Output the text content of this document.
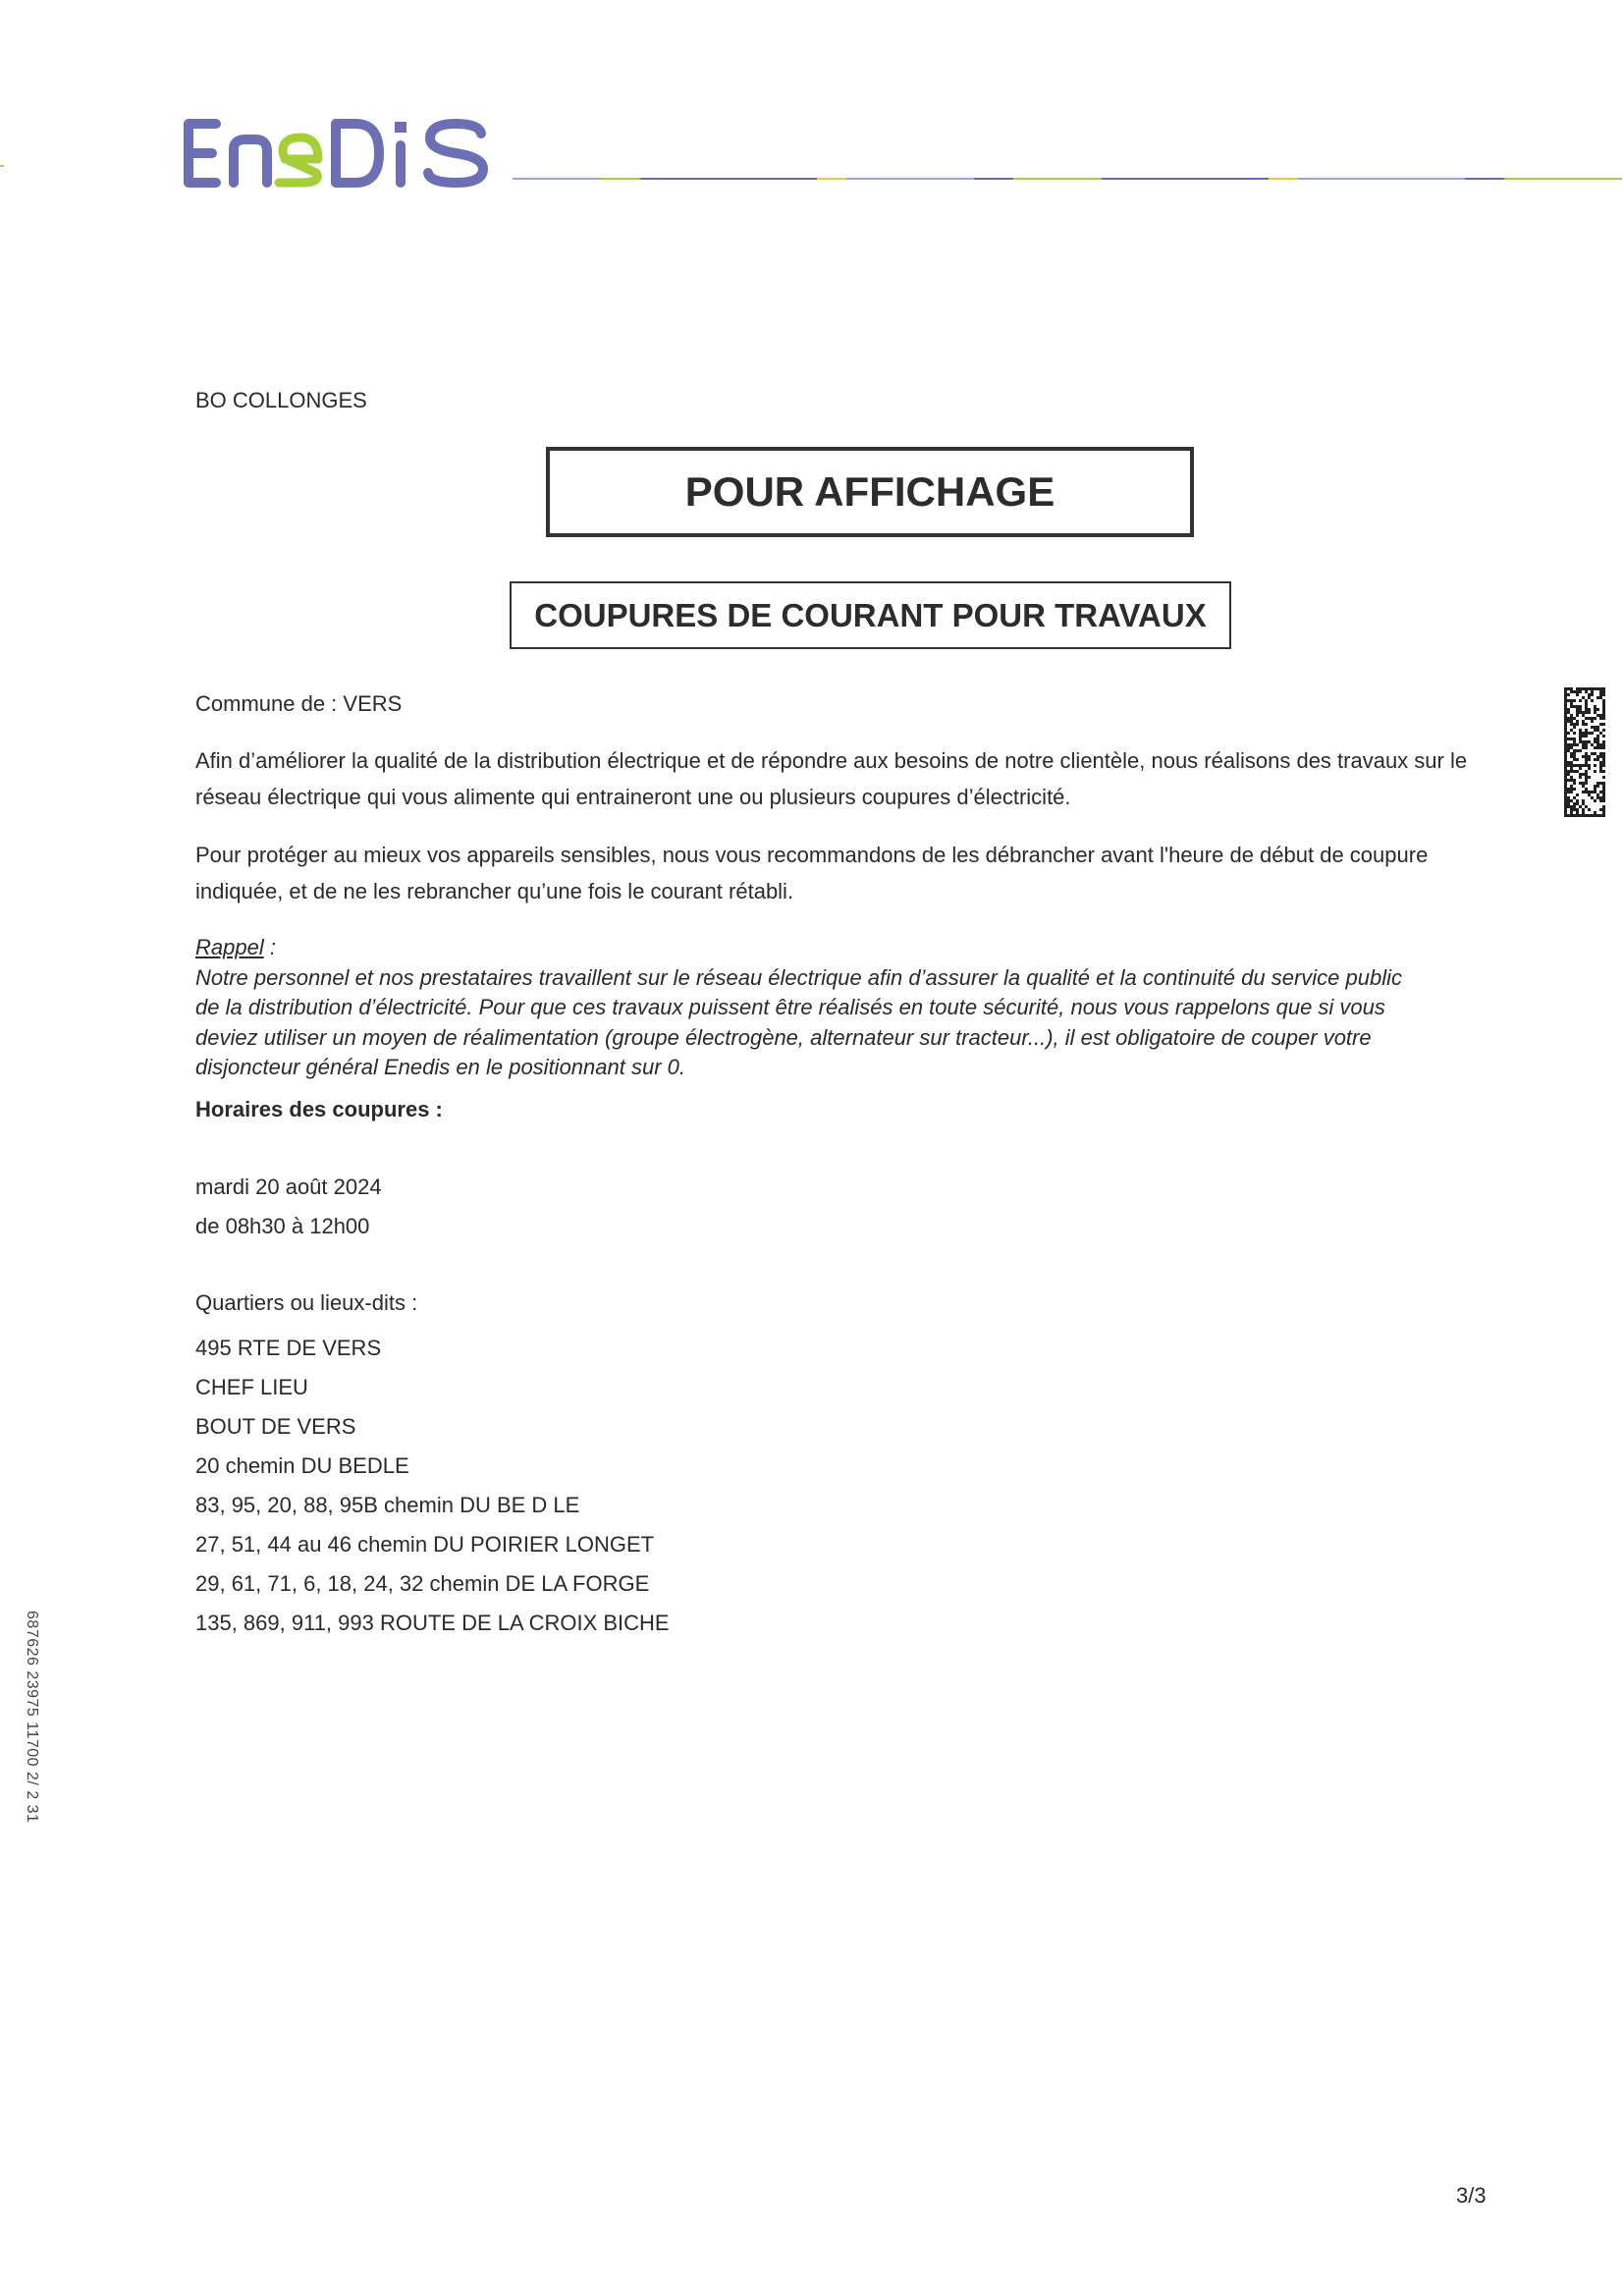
BO COLLONGES
POUR AFFICHAGE
COUPURES DE COURANT POUR TRAVAUX
Commune de : VERS
Afin d’améliorer la qualité de la distribution électrique et de répondre aux besoins de notre clientèle, nous réalisons des travaux sur le réseau électrique qui vous alimente qui entraineront une ou plusieurs coupures d’électricité.
Pour protéger au mieux vos appareils sensibles, nous vous recommandons de les débrancher avant l'heure de début de coupure indiquée, et de ne les rebrancher qu’une fois le courant rétabli.
Rappel :
Notre personnel et nos prestataires travaillent sur le réseau électrique afin d’assurer la qualité et la continuité du service public
de la distribution d’électricité. Pour que ces travaux puissent être réalisés en toute sécurité, nous vous rappelons que si vous
deviez utiliser un moyen de réalimentation (groupe électrogène, alternateur sur tracteur...), il est obligatoire de couper votre
disjoncteur général Enedis en le positionnant sur 0.
Horaires des coupures :
mardi 20 août 2024
de 08h30 à 12h00
Quartiers ou lieux-dits :
495 RTE DE VERS
CHEF LIEU
BOUT DE VERS
20 chemin DU BEDLE
83, 95, 20, 88, 95B chemin DU BE D LE
27, 51, 44 au 46 chemin DU POIRIER LONGET
29, 61, 71, 6, 18, 24, 32 chemin DE LA FORGE
135, 869, 911, 993 ROUTE DE LA CROIX BICHE
687626 23975 11700 2/ 2 31
3/3
